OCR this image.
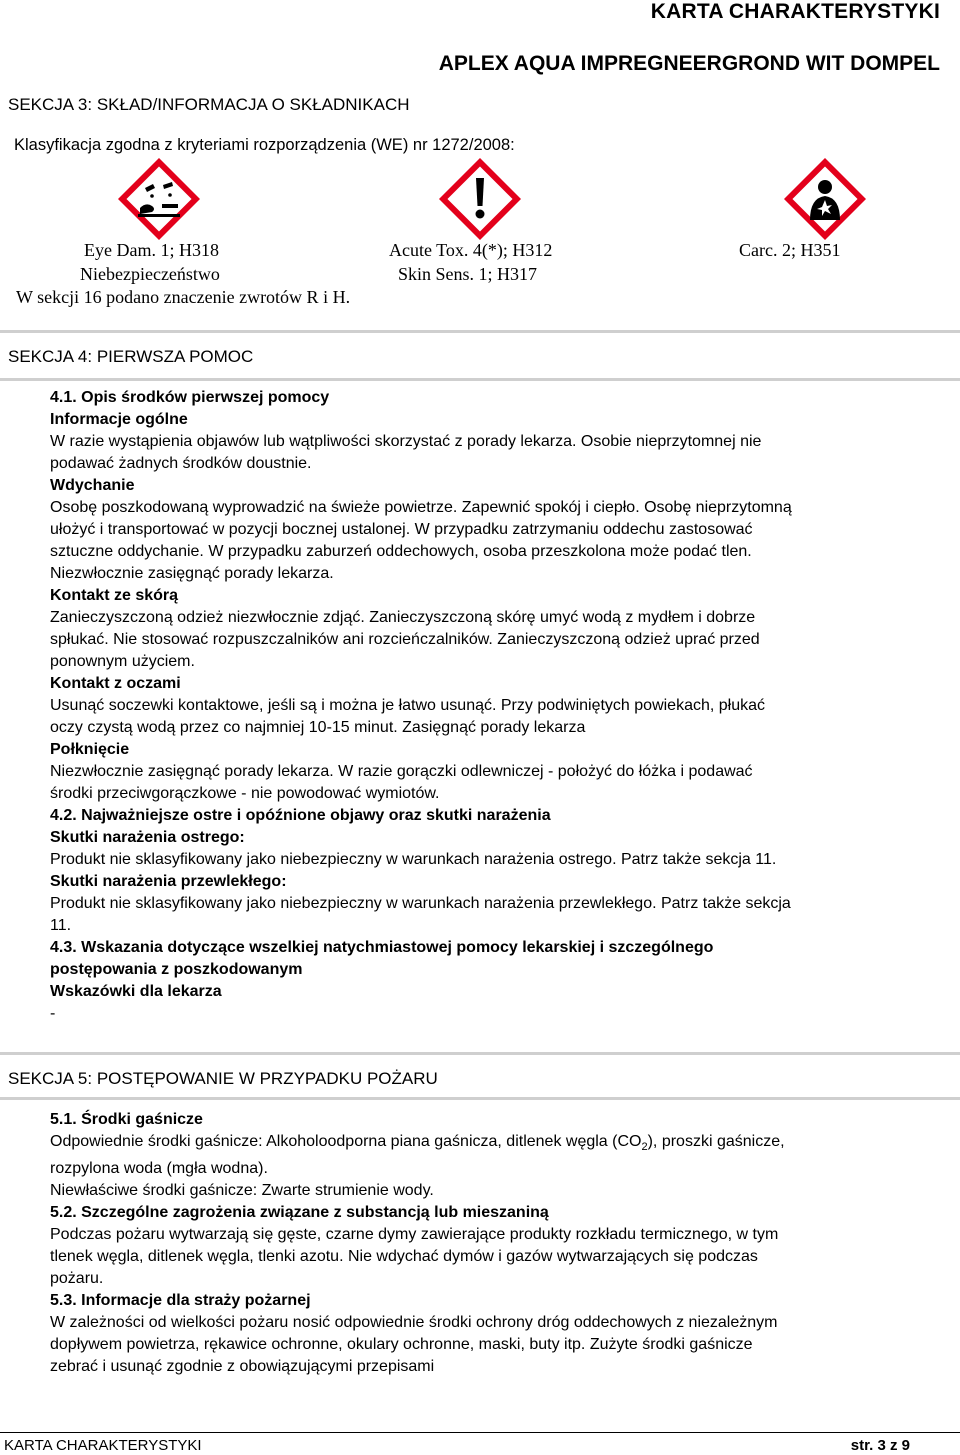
KARTA CHARAKTERYSTYKI
APLEX AQUA IMPREGNEERGROND WIT DOMPEL
SEKCJA 3: SKŁAD/INFORMACJA O SKŁADNIKACH
Klasyfikacja zgodna z kryteriami rozporządzenia (WE) nr 1272/2008:
Eye Dam. 1; H318
Niebezpieczeństwo
Acute Tox. 4(*); H312
Skin Sens. 1; H317
Carc. 2; H351
W sekcji 16 podano znaczenie zwrotów R i H.
SEKCJA 4: PIERWSZA POMOC

4.1. Opis środków pierwszej pomocy

Informacje ogólne

W razie wystąpienia objawów lub wątpliwości skorzystać z porady lekarza. Osobie nieprzytomnej nie

podawać żadnych środków doustnie.

Wdychanie

Osobę poszkodowaną wyprowadzić na świeże powietrze. Zapewnić spokój i ciepło. Osobę nieprzytomną

ułożyć i transportować w pozycji bocznej ustalonej. W przypadku zatrzymaniu oddechu zastosować

sztuczne oddychanie. W przypadku zaburzeń oddechowych, osoba przeszkolona może podać tlen.

Niezwłocznie zasięgnąć porady lekarza.

Kontakt ze skórą

Zanieczyszczoną odzież niezwłocznie zdjąć. Zanieczyszczoną skórę umyć wodą z mydłem i dobrze

spłukać. Nie stosować rozpuszczalników ani rozcieńczalników. Zanieczyszczoną odzież uprać przed

ponownym użyciem.

Kontakt z oczami

Usunąć soczewki kontaktowe, jeśli są i można je łatwo usunąć. Przy podwiniętych powiekach, płukać

oczy czystą wodą przez co najmniej 10-15 minut. Zasięgnąć porady lekarza

Połknięcie

Niezwłocznie zasięgnąć porady lekarza. W razie gorączki odlewniczej - położyć do łóżka i podawać

środki przeciwgorączkowe - nie powodować wymiotów.

4.2. Najważniejsze ostre i opóźnione objawy oraz skutki narażenia

Skutki narażenia ostrego:

Produkt nie sklasyfikowany jako niebezpieczny w warunkach narażenia ostrego. Patrz także sekcja 11.

Skutki narażenia przewlekłego:

Produkt nie sklasyfikowany jako niebezpieczny w warunkach narażenia przewlekłego. Patrz także sekcja

11.

4.3. Wskazania dotyczące wszelkiej natychmiastowej pomocy lekarskiej i szczególnego

postępowania z poszkodowanym

Wskazówki dla lekarza

-

SEKCJA 5: POSTĘPOWANIE W PRZYPADKU POŻARU

5.1. Środki gaśnicze

Odpowiednie środki gaśnicze: Alkoholoodporna piana gaśnicza, ditlenek węgla $(CO_2)$, proszki gaśnicze,

rozpylona woda (mgła wodna).

Niewłaściwe środki gaśnicze: Zwarte strumienie wody.

5.2. Szczególne zagrożenia związane z substancją lub mieszaniną

Podczas pożaru wytwarzają się gęste, czarne dymy zawierające produkty rozkładu termicznego, w tym

tlenek węgla, ditlenek węgla, tlenki azotu. Nie wdychać dymów i gazów wytwarzających się podczas

pożaru.

5.3. Informacje dla straży pożarnej

W zależności od wielkości pożaru nosić odpowiednie środki ochrony dróg oddechowych z niezależnym

dopływem powietrza, rękawice ochronne, okulary ochronne, maski, buty itp. Zużyte środki gaśnicze

zebrać i usunąć zgodnie z obowiązującymi przepisami

KARTA CHARAKTERYSTYKI	str. 3 z 9
